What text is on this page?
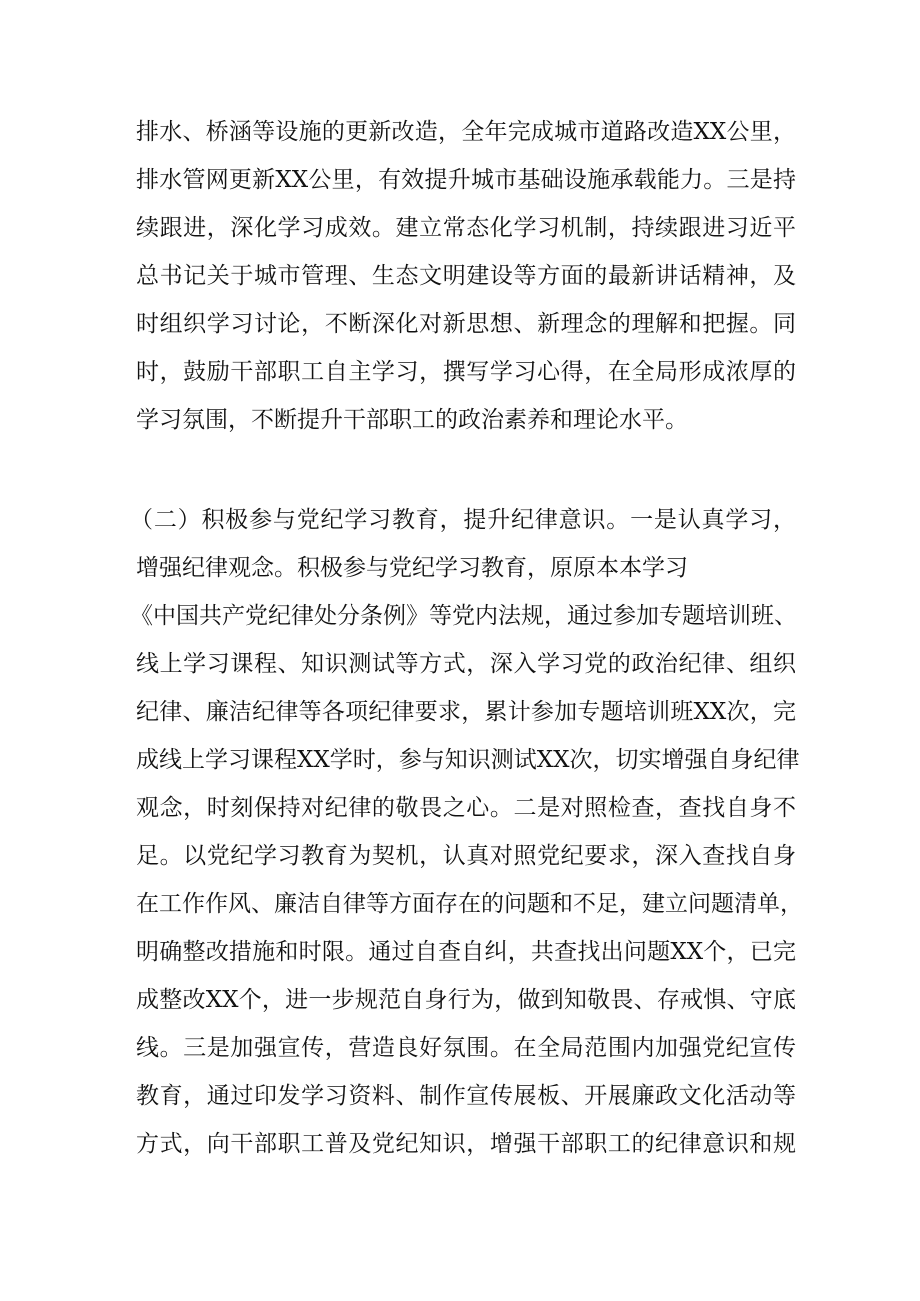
排水、桥涵等设施的更新改造，全年完成城市道路改造XX公里，

排水管网更新XX公里，有效提升城市基础设施承载能力。三是持

续跟进，深化学习成效。建立常态化学习机制，持续跟进习近平

总书记关于城市管理、生态文明建设等方面的最新讲话精神，及

时组织学习讨论，不断深化对新思想、新理念的理解和把握。同

时，鼓励干部职工自主学习，撰写学习心得，在全局形成浓厚的

学习氛围，不断提升干部职工的政治素养和理论水平。

（二）积极参与党纪学习教育，提升纪律意识。一是认真学习，

增强纪律观念。积极参与党纪学习教育，原原本本学习

《中国共产党纪律处分条例》等党内法规，通过参加专题培训班、

线上学习课程、知识测试等方式，深入学习党的政治纪律、组织

纪律、廉洁纪律等各项纪律要求，累计参加专题培训班XX次，完

成线上学习课程XX学时，参与知识测试XX次，切实增强自身纪律

观念，时刻保持对纪律的敬畏之心。二是对照检查，查找自身不

足。以党纪学习教育为契机，认真对照党纪要求，深入查找自身

在工作作风、廉洁自律等方面存在的问题和不足，建立问题清单，

明确整改措施和时限。通过自查自纠，共查找出问题XX个，已完

成整改XX个，进一步规范自身行为，做到知敬畏、存戒惧、守底

线。三是加强宣传，营造良好氛围。在全局范围内加强党纪宣传

教育，通过印发学习资料、制作宣传展板、开展廉政文化活动等

方式，向干部职工普及党纪知识，增强干部职工的纪律意识和规
